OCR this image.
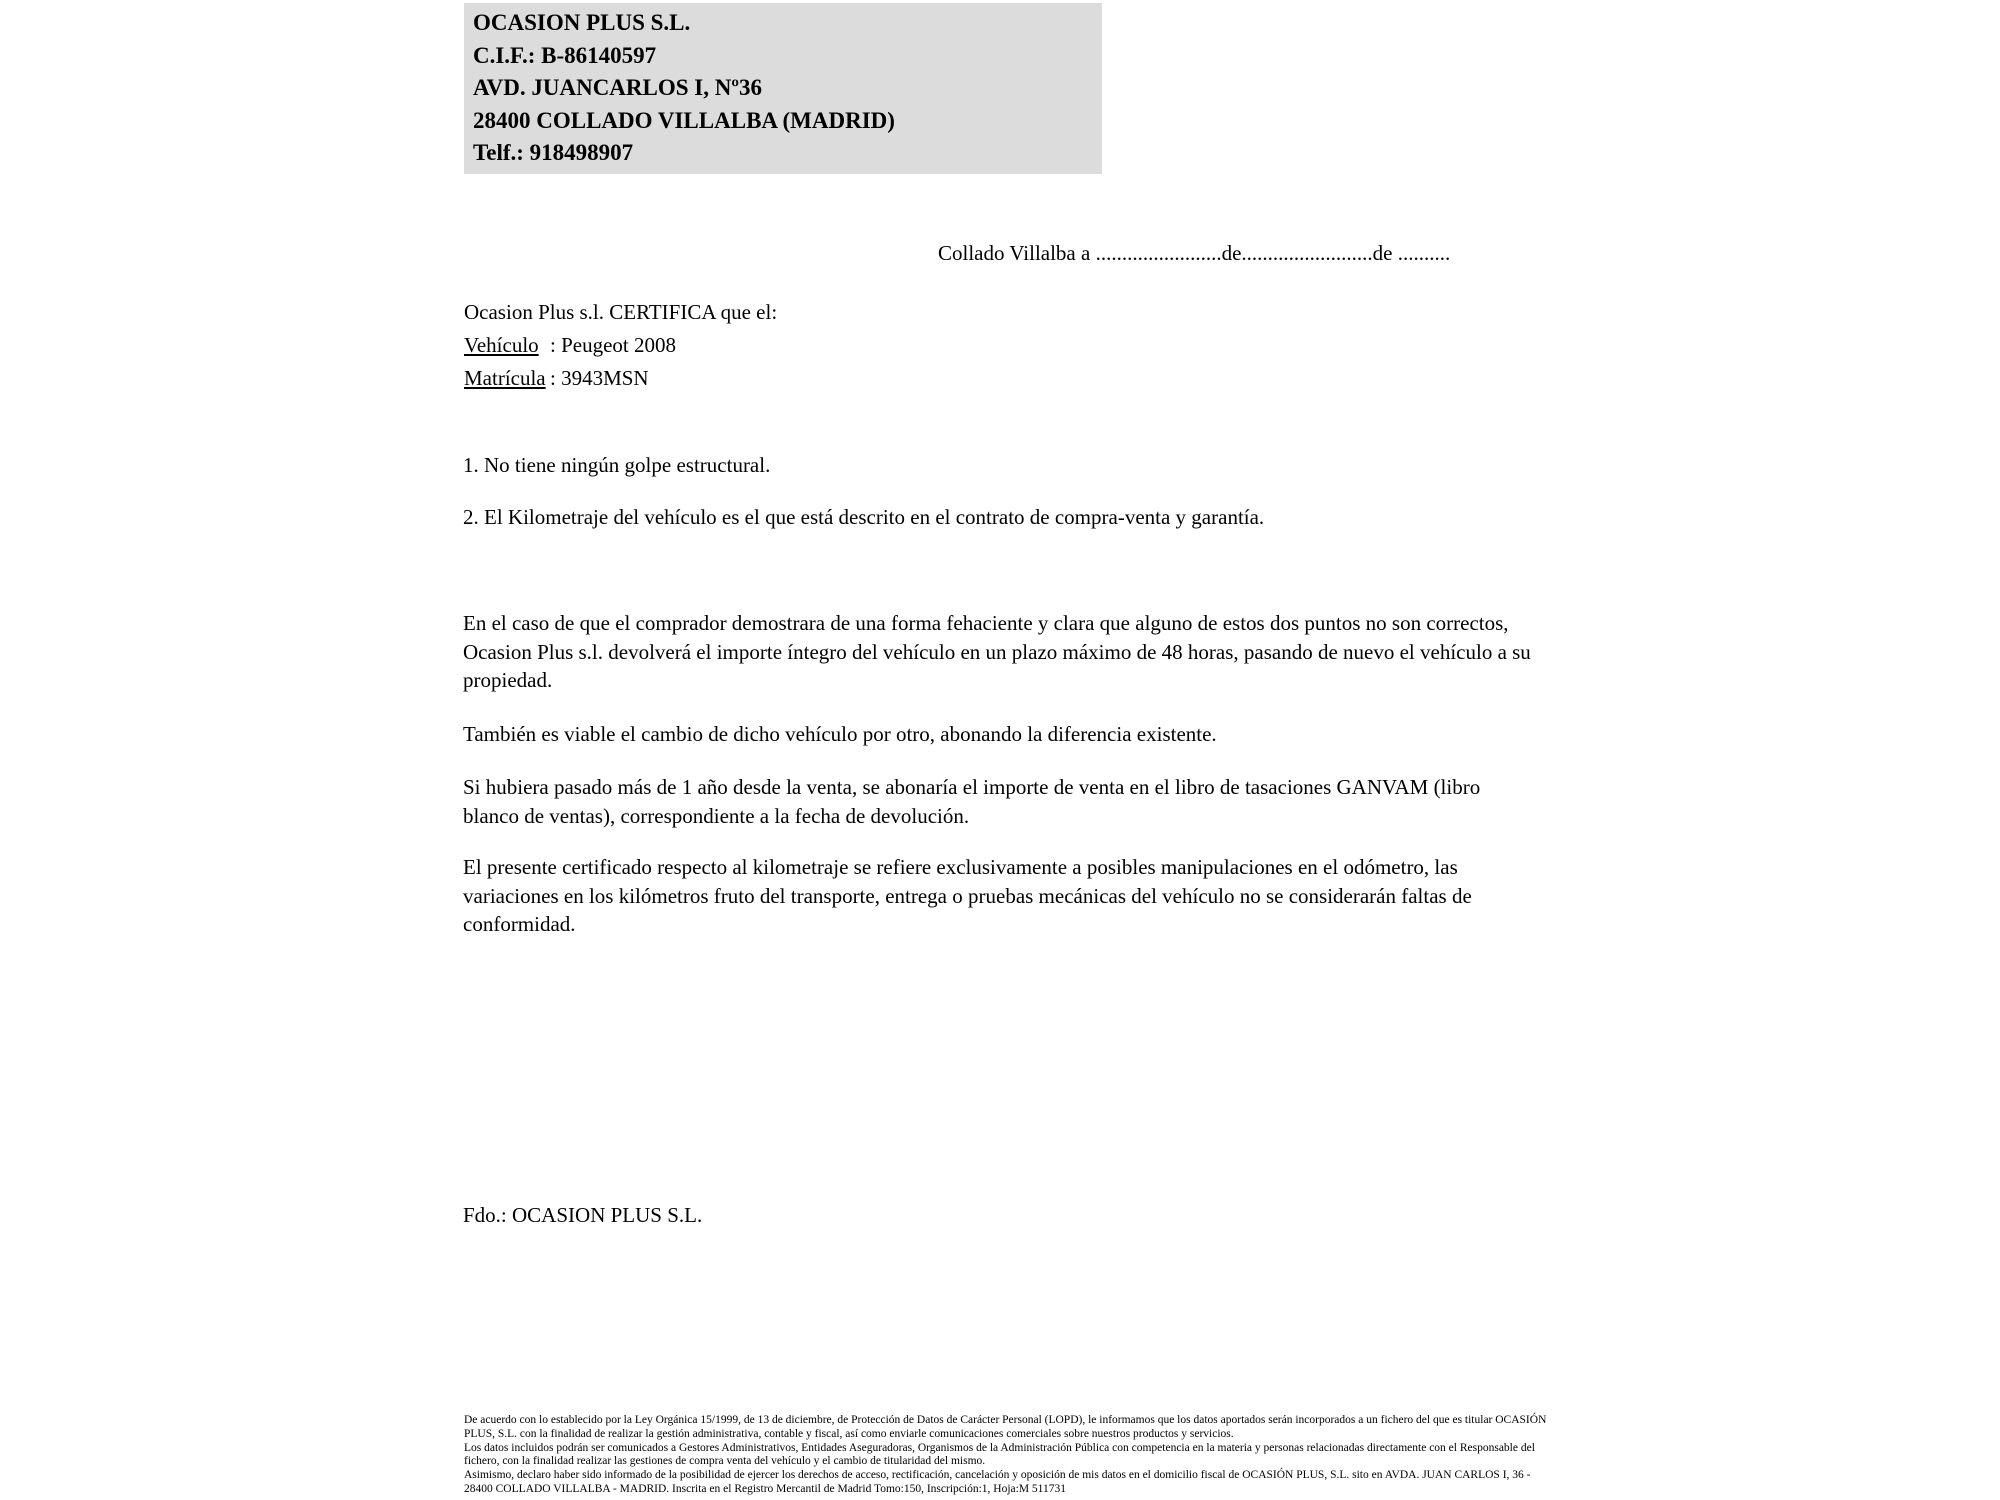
OCASION PLUS S.L.
C.I.F.: B-86140597
AVD. JUANCARLOS I, Nº36
28400 COLLADO VILLALBA (MADRID)
Telf.: 918498907
Collado Villalba a ........................de.........................de ..........
Ocasion Plus s.l. CERTIFICA que el:
Vehículo : Peugeot 2008
Matrícula : 3943MSN
1. No tiene ningún golpe estructural.
2. El Kilometraje del vehículo es el que está descrito en el contrato de compra-venta y garantía.
En el caso de que el comprador demostrara de una forma fehaciente y clara que alguno de estos dos puntos no son correctos, Ocasion Plus s.l. devolverá el importe íntegro del vehículo en un plazo máximo de 48 horas, pasando de nuevo el vehículo a su propiedad.
También es viable el cambio de dicho vehículo por otro, abonando la diferencia existente.
Si hubiera pasado más de 1 año desde la venta, se abonaría el importe de venta en el libro de tasaciones GANVAM (libro blanco de ventas), correspondiente a la fecha de devolución.
El presente certificado respecto al kilometraje se refiere exclusivamente a posibles manipulaciones en el odómetro, las variaciones en los kilómetros fruto del transporte, entrega o pruebas mecánicas del vehículo no se considerarán faltas de conformidad.
Fdo.: OCASION PLUS S.L.

De acuerdo con lo establecido por la Ley Orgánica 15/1999, de 13 de diciembre, de Protección de Datos de Carácter Personal (LOPD), le informamos que los datos aportados serán incorporados a un fichero del que es titular OCASIÓN PLUS, S.L. con la finalidad de realizar la gestión administrativa, contable y fiscal, así como enviarle comunicaciones comerciales sobre nuestros productos y servicios.

Los datos incluidos podrán ser comunicados a Gestores Administrativos, Entidades Aseguradoras, Organismos de la Administración Pública con competencia en la materia y personas relacionadas directamente con el Responsable del fichero, con la finalidad realizar las gestiones de compra venta del vehículo y el cambio de titularidad del mismo.

Asimismo, declaro haber sido informado de la posibilidad de ejercer los derechos de acceso, rectificación, cancelación y oposición de mis datos en el domicilio fiscal de OCASIÓN PLUS, S.L. sito en AVDA. JUAN CARLOS I, 36 - 28400 COLLADO VILLALBA - MADRID. Inscrita en el Registro Mercantil de Madrid Tomo:150, Inscripción:1, Hoja:M 511731
